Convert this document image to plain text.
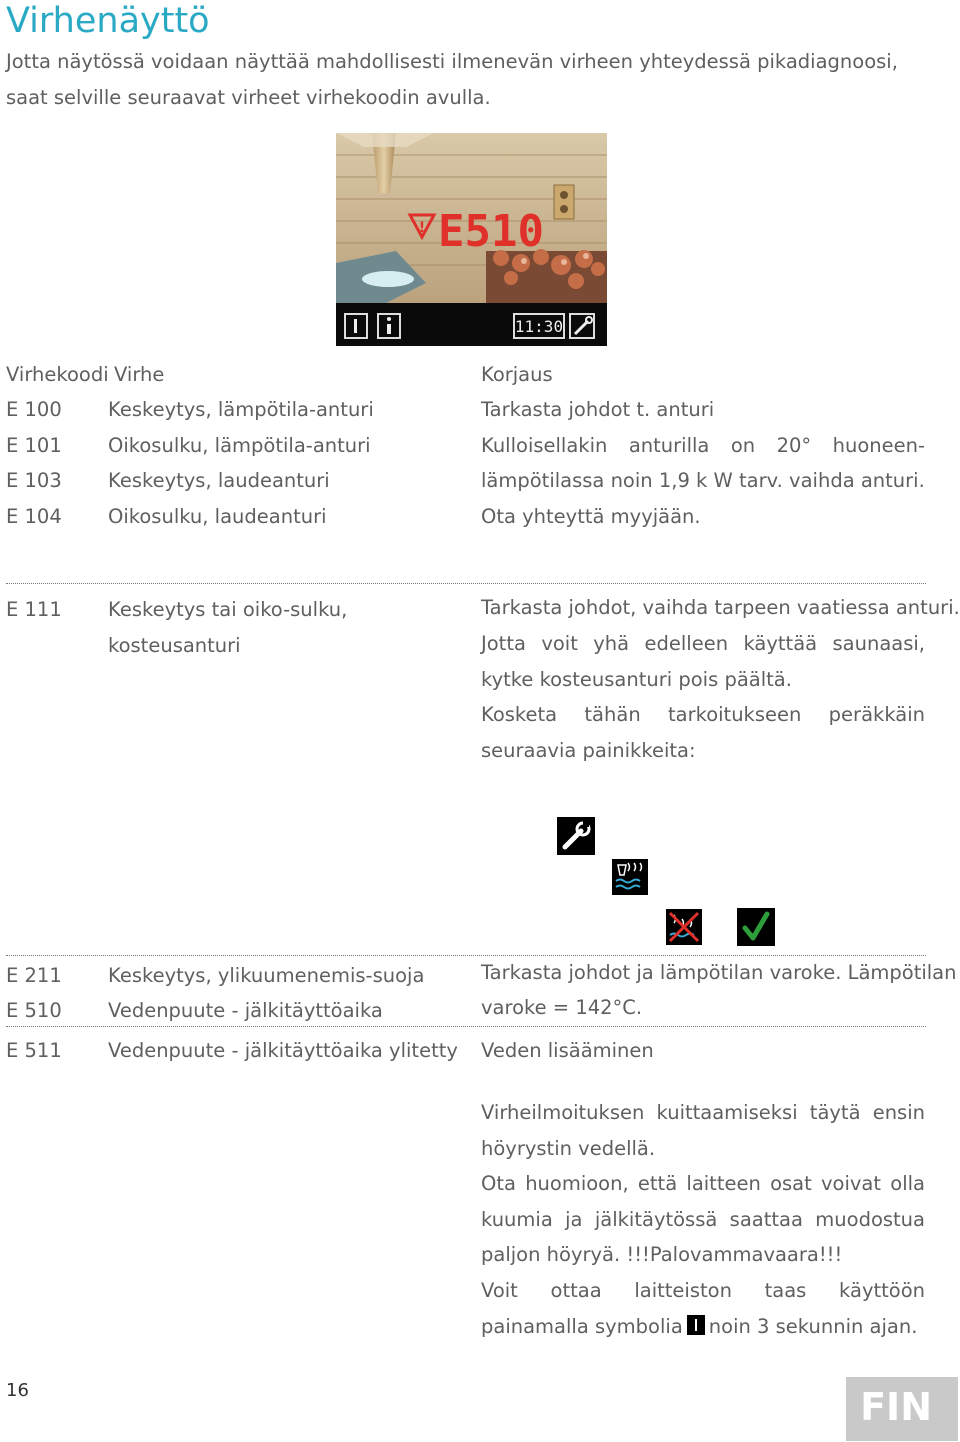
Virhenäyttö
Jotta näytössä voidaan näyttää mahdollisesti ilmenevän virheen yhteydessä pikadiagnoosi, saat selville seuraavat virheet virhekoodin avulla.
! E510
11:30
Virhekoodi Virhe	Korjaus
E 100 Keskeytys, lämpötila-anturi
E 101 Oikosulku, lämpötila-anturi
E 103 Keskeytys, laudeanturi
E 104 Oikosulku, laudeanturi
Tarkasta johdot t. anturi
Kulloisellakin anturilla on 20° huoneen-
lämpötilassa noin 1,9 k W tarv. vaihda anturi.
Ota yhteyttä myyjään.
E 111 Keskeytys tai oiko-sulku,
kosteusanturi
Tarkasta johdot, vaihda tarpeen vaatiessa anturi.
Jotta voit yhä edelleen käyttää saunaasi, kytke kosteusanturi pois päältä.
Kosketa tähän tarkoitukseen peräkkäin seuraavia painikkeita:
E 211 Keskeytys, ylikuumenemis-suoja
E 510 Vedenpuute - jälkitäyttöaika
Tarkasta johdot ja lämpötilan varoke. Lämpötilan
varoke = 142°C.
E 511 Vedenpuute - jälkitäyttöaika ylitetty Veden lisääminen
Virheilmoituksen kuittaamiseksi täytä ensin höyrystin vedellä.
Ota huomioon, että laitteen osat voivat olla kuumia ja jälkitäytössä saattaa muodostua paljon höyryä. !!!Palovammavaara!!!
Voit ottaa laitteiston taas käyttöön painamalla symbolia noin 3 sekunnin ajan.
16	FIN
